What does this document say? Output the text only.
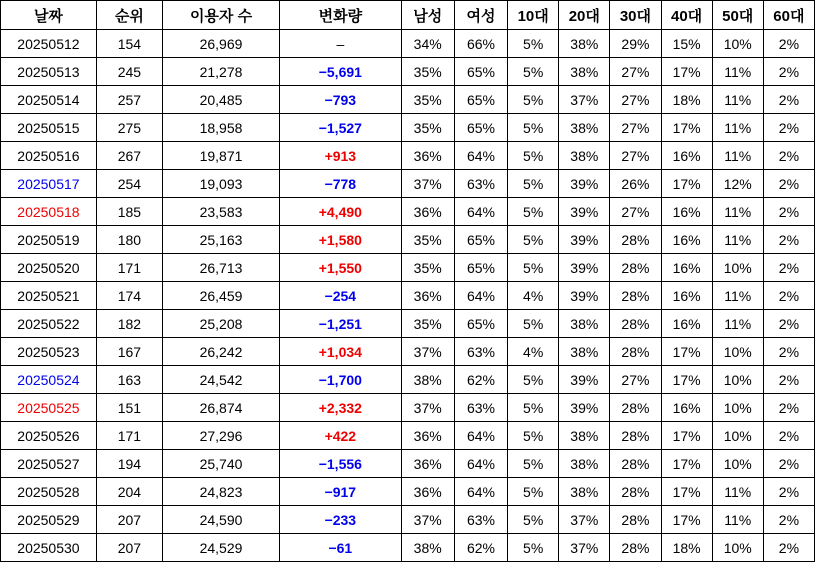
날짜	순위	이용자 수	변화량	남성	여성	10대	20대	30대	40대	50대	60대
20250512	154	26,969	–	34%	66%	5%	38%	29%	15%	10%	2%
20250513	245	21,278	−5,691	35%	65%	5%	38%	27%	17%	11%	2%
20250514	257	20,485	−793	35%	65%	5%	37%	27%	18%	11%	2%
20250515	275	18,958	−1,527	35%	65%	5%	38%	27%	17%	11%	2%
20250516	267	19,871	+913	36%	64%	5%	38%	27%	16%	11%	2%
20250517	254	19,093	−778	37%	63%	5%	39%	26%	17%	12%	2%
20250518	185	23,583	+4,490	36%	64%	5%	39%	27%	16%	11%	2%
20250519	180	25,163	+1,580	35%	65%	5%	39%	28%	16%	11%	2%
20250520	171	26,713	+1,550	35%	65%	5%	39%	28%	16%	10%	2%
20250521	174	26,459	−254	36%	64%	4%	39%	28%	16%	11%	2%
20250522	182	25,208	−1,251	35%	65%	5%	38%	28%	16%	11%	2%
20250523	167	26,242	+1,034	37%	63%	4%	38%	28%	17%	10%	2%
20250524	163	24,542	−1,700	38%	62%	5%	39%	27%	17%	10%	2%
20250525	151	26,874	+2,332	37%	63%	5%	39%	28%	16%	10%	2%
20250526	171	27,296	+422	36%	64%	5%	38%	28%	17%	10%	2%
20250527	194	25,740	−1,556	36%	64%	5%	38%	28%	17%	10%	2%
20250528	204	24,823	−917	36%	64%	5%	38%	28%	17%	11%	2%
20250529	207	24,590	−233	37%	63%	5%	37%	28%	17%	11%	2%
20250530	207	24,529	−61	38%	62%	5%	37%	28%	18%	10%	2%
